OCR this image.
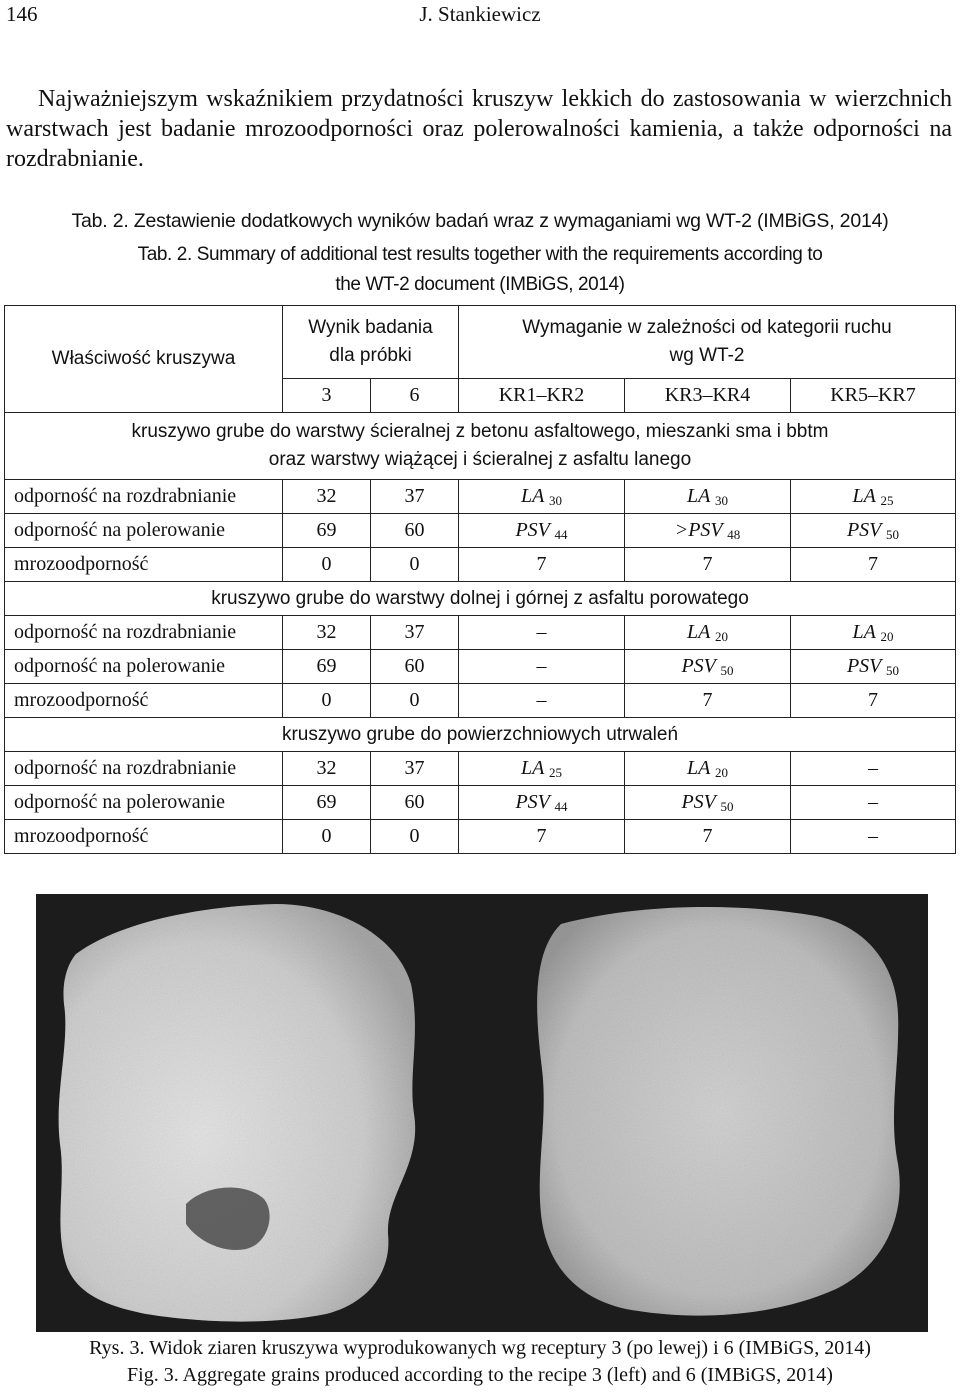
146	J. Stankiewicz

Najważniejszym wskaźnikiem przydatności kruszyw lekkich do zastosowania w wierzchnich warstwach jest badanie mrozoodporności oraz polerowalności kamienia, a także odporności na rozdrabnianie.

Tab. 2. Zestawienie dodatkowych wyników badań wraz z wymaganiami wg WT-2 (IMBiGS, 2014)
Tab. 2. Summary of additional test results together with the requirements according to
the WT-2 document (IMBiGS, 2014)
Właściwość kruszywa	Wynik badania
dla próbki		Wymaganie w zależności od kategorii ruchu
wg WT-2		
	3	6	KR1–KR2	KR3–KR4	KR5–KR7
kruszywo grube do warstwy ścieralnej z betonu asfaltowego, mieszanki sma i bbtm
oraz warstwy wiążącej i ścieralnej z asfaltu lanego					
odporność na rozdrabnianie	32	37	LA $_{30}$	LA $_{30}$	LA $_{25}$
odporność na polerowanie	69	60	PSV $_{44}$	>PSV $_{48}$	PSV $_{50}$
mrozoodporność	0	0	7	7	7
kruszywo grube do warstwy dolnej i górnej z asfaltu porowatego					
odporność na rozdrabnianie	32	37	–	LA $_{20}$	LA $_{20}$
odporność na polerowanie	69	60	–	PSV $_{50}$	PSV $_{50}$
mrozoodporność	0	0	–	7	7
kruszywo grube do powierzchniowych utrwaleń					
odporność na rozdrabnianie	32	37	LA $_{25}$	LA $_{20}$	–
odporność na polerowanie	69	60	PSV $_{44}$	PSV $_{50}$	–
mrozoodporność	0	0	7	7	–
Rys. 3. Widok ziaren kruszywa wyprodukowanych wg receptury 3 (po lewej) i 6 (IMBiGS, 2014)
Fig. 3. Aggregate grains produced according to the recipe 3 (left) and 6 (IMBiGS, 2014)
